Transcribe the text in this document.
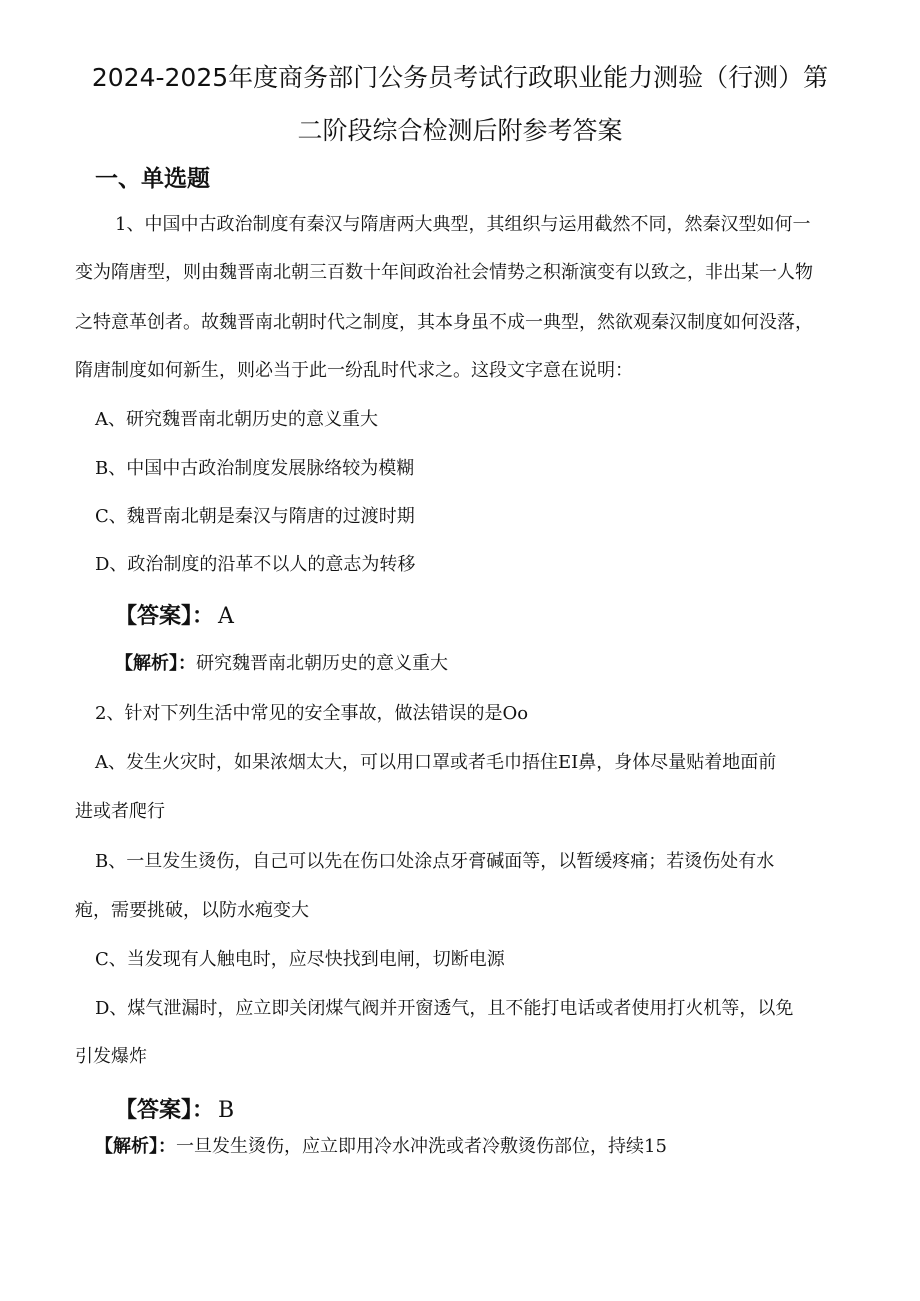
2024-2025年度商务部门公务员考试行政职业能力测验（行测）第
二阶段综合检测后附参考答案
一、单选题
1、中国中古政治制度有秦汉与隋唐两大典型，其组织与运用截然不同，然秦汉型如何一
变为隋唐型，则由魏晋南北朝三百数十年间政治社会情势之积渐演变有以致之，非出某一人物
之特意革创者。故魏晋南北朝时代之制度，其本身虽不成一典型，然欲观秦汉制度如何没落，
隋唐制度如何新生，则必当于此一纷乱时代求之。这段文字意在说明：
A、研究魏晋南北朝历史的意义重大
B、中国中古政治制度发展脉络较为模糊
C、魏晋南北朝是秦汉与隋唐的过渡时期
D、政治制度的沿革不以人的意志为转移
【答案】： A
【解析】：研究魏晋南北朝历史的意义重大
2、针对下列生活中常见的安全事故，做法错误的是Oo
A、发生火灾时，如果浓烟太大，可以用口罩或者毛巾捂住EI鼻，身体尽量贴着地面前
进或者爬行
B、一旦发生烫伤，自己可以先在伤口处涂点牙膏碱面等，以暂缓疼痛；若烫伤处有水
疱，需要挑破，以防水疱变大
C、当发现有人触电时，应尽快找到电闸，切断电源
D、煤气泄漏时，应立即关闭煤气阀并开窗透气，且不能打电话或者使用打火机等，以免
引发爆炸
【答案】： B
【解析】：一旦发生烫伤，应立即用冷水冲洗或者冷敷烫伤部位，持续15
